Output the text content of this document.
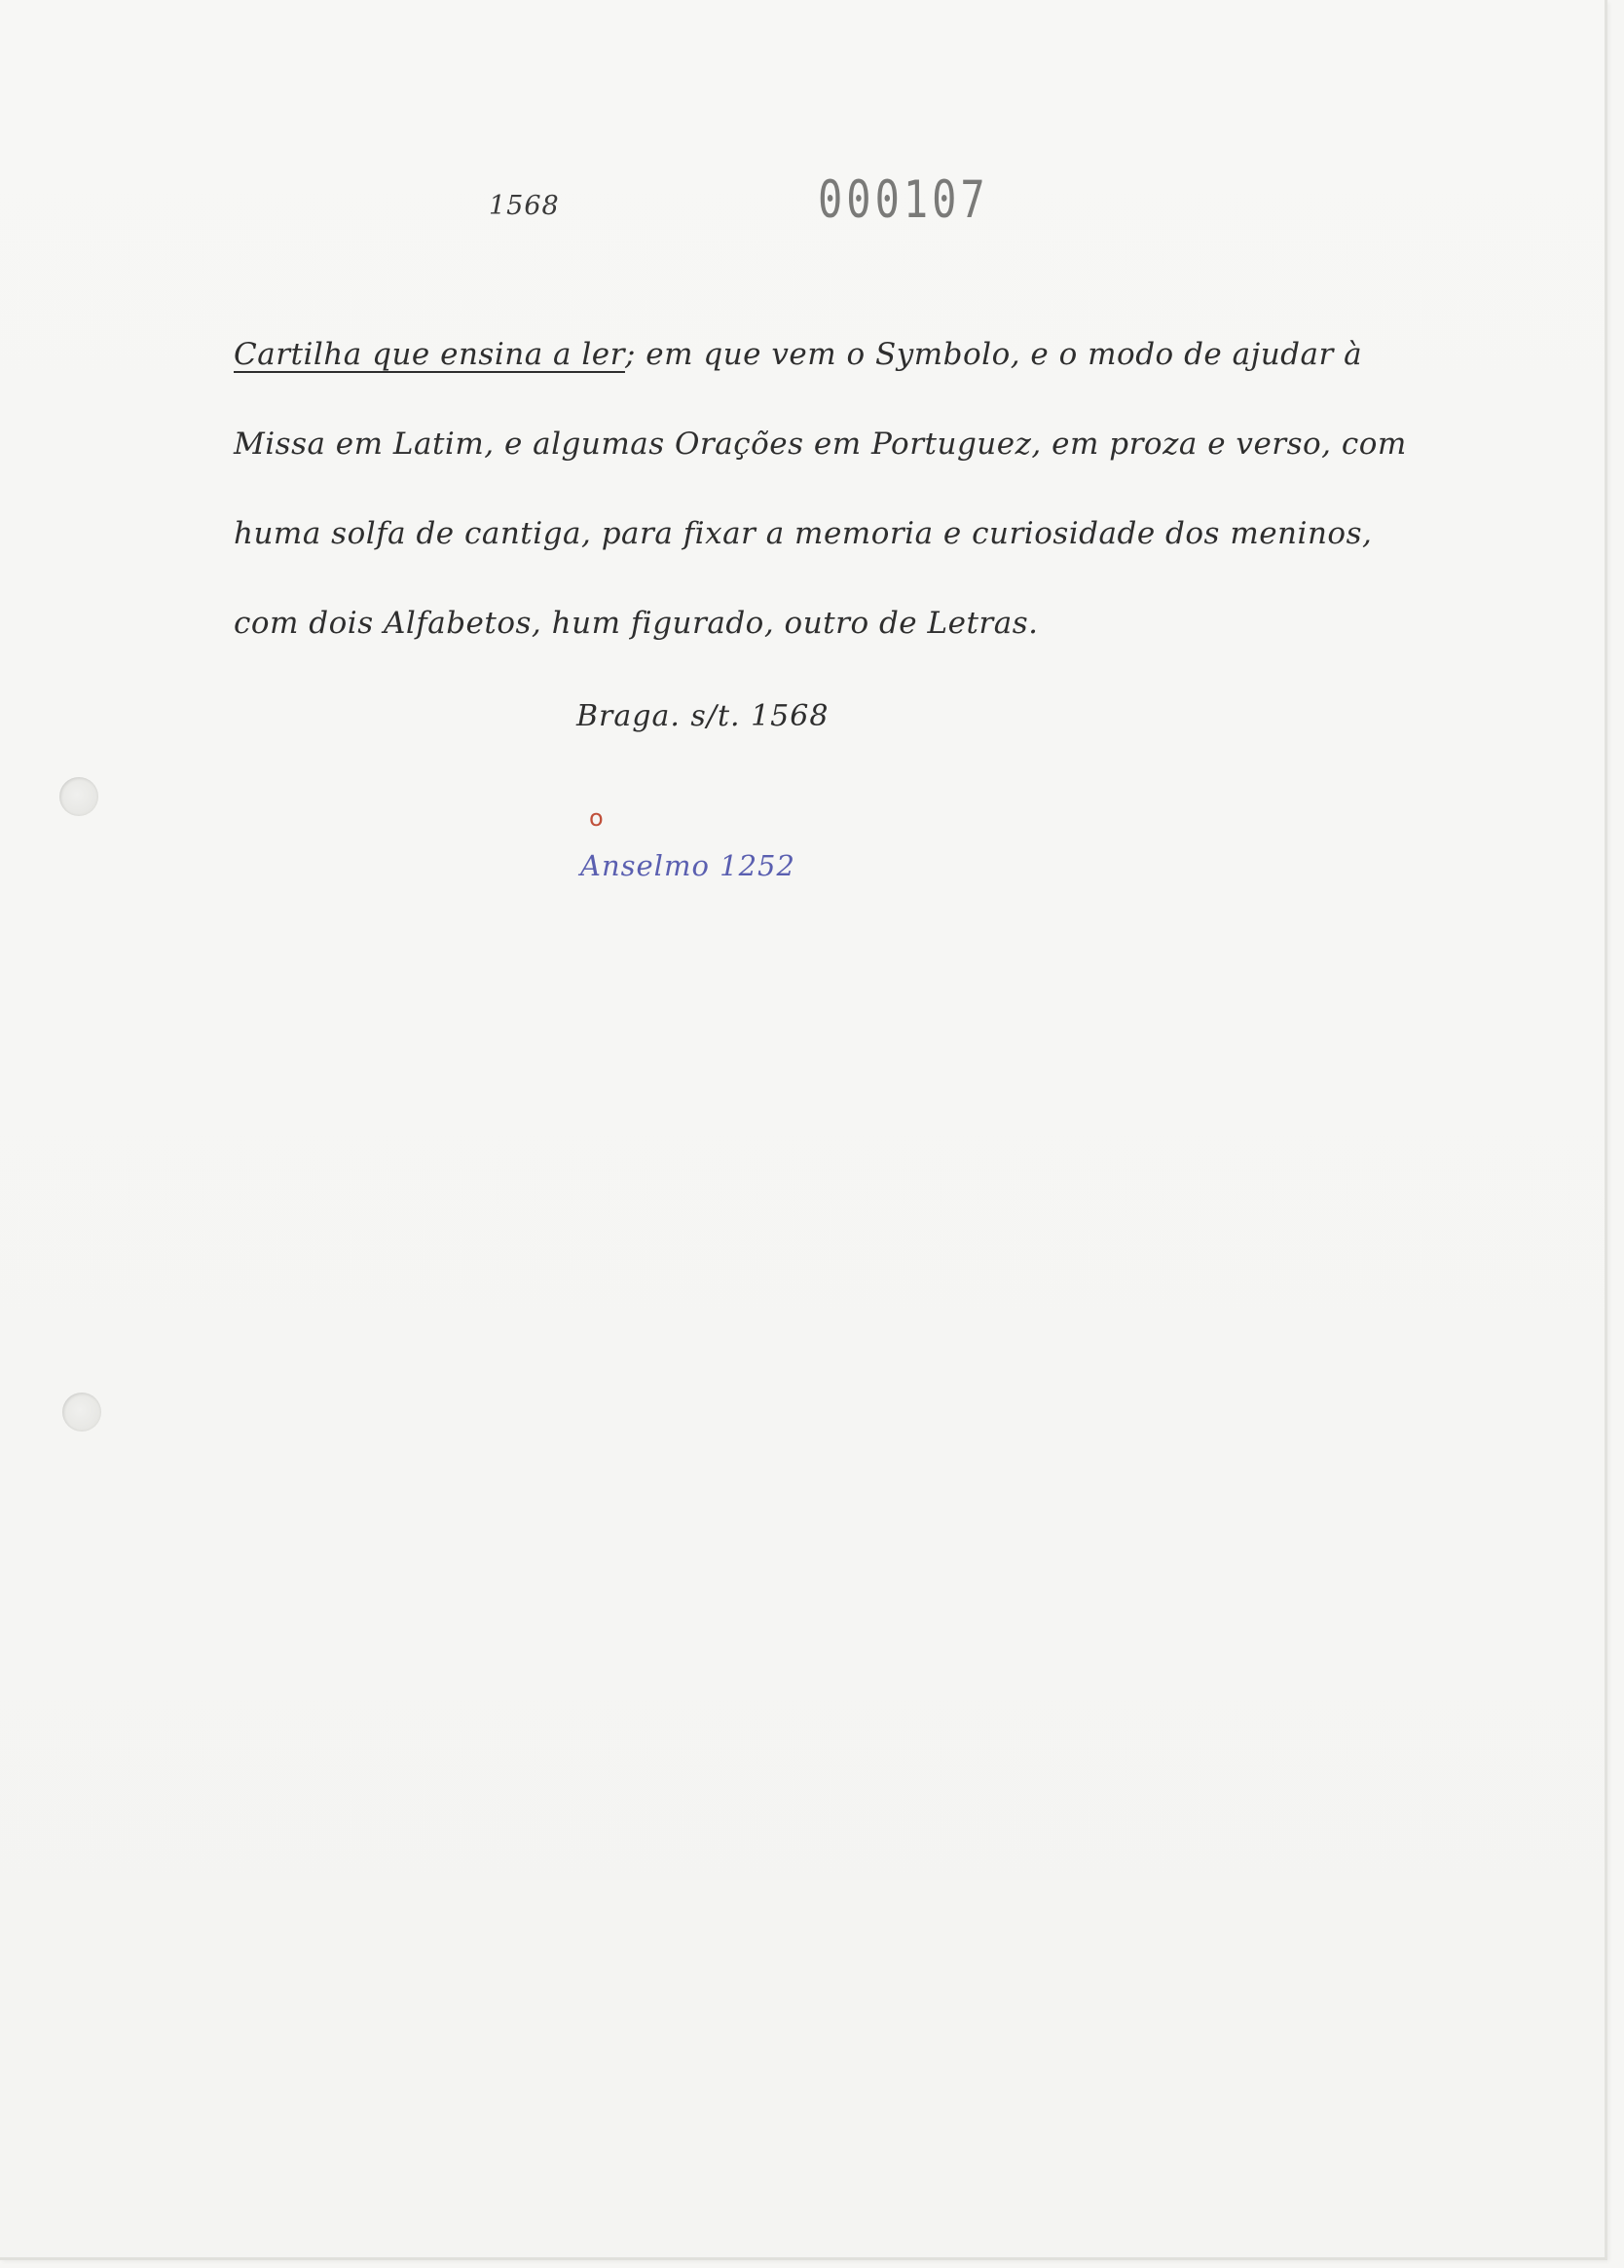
1568	000107
Cartilha que ensina a ler; em que vem o Symbolo, e o modo de ajudar à
Missa em Latim, e algumas Orações em Portuguez, em proza e verso, com
huma solfa de cantiga, para fixar a memoria e curiosidade dos meninos,
com dois Alfabetos, hum figurado, outro de Letras.
Braga. s/t. 1568
o
Anselmo 1252
